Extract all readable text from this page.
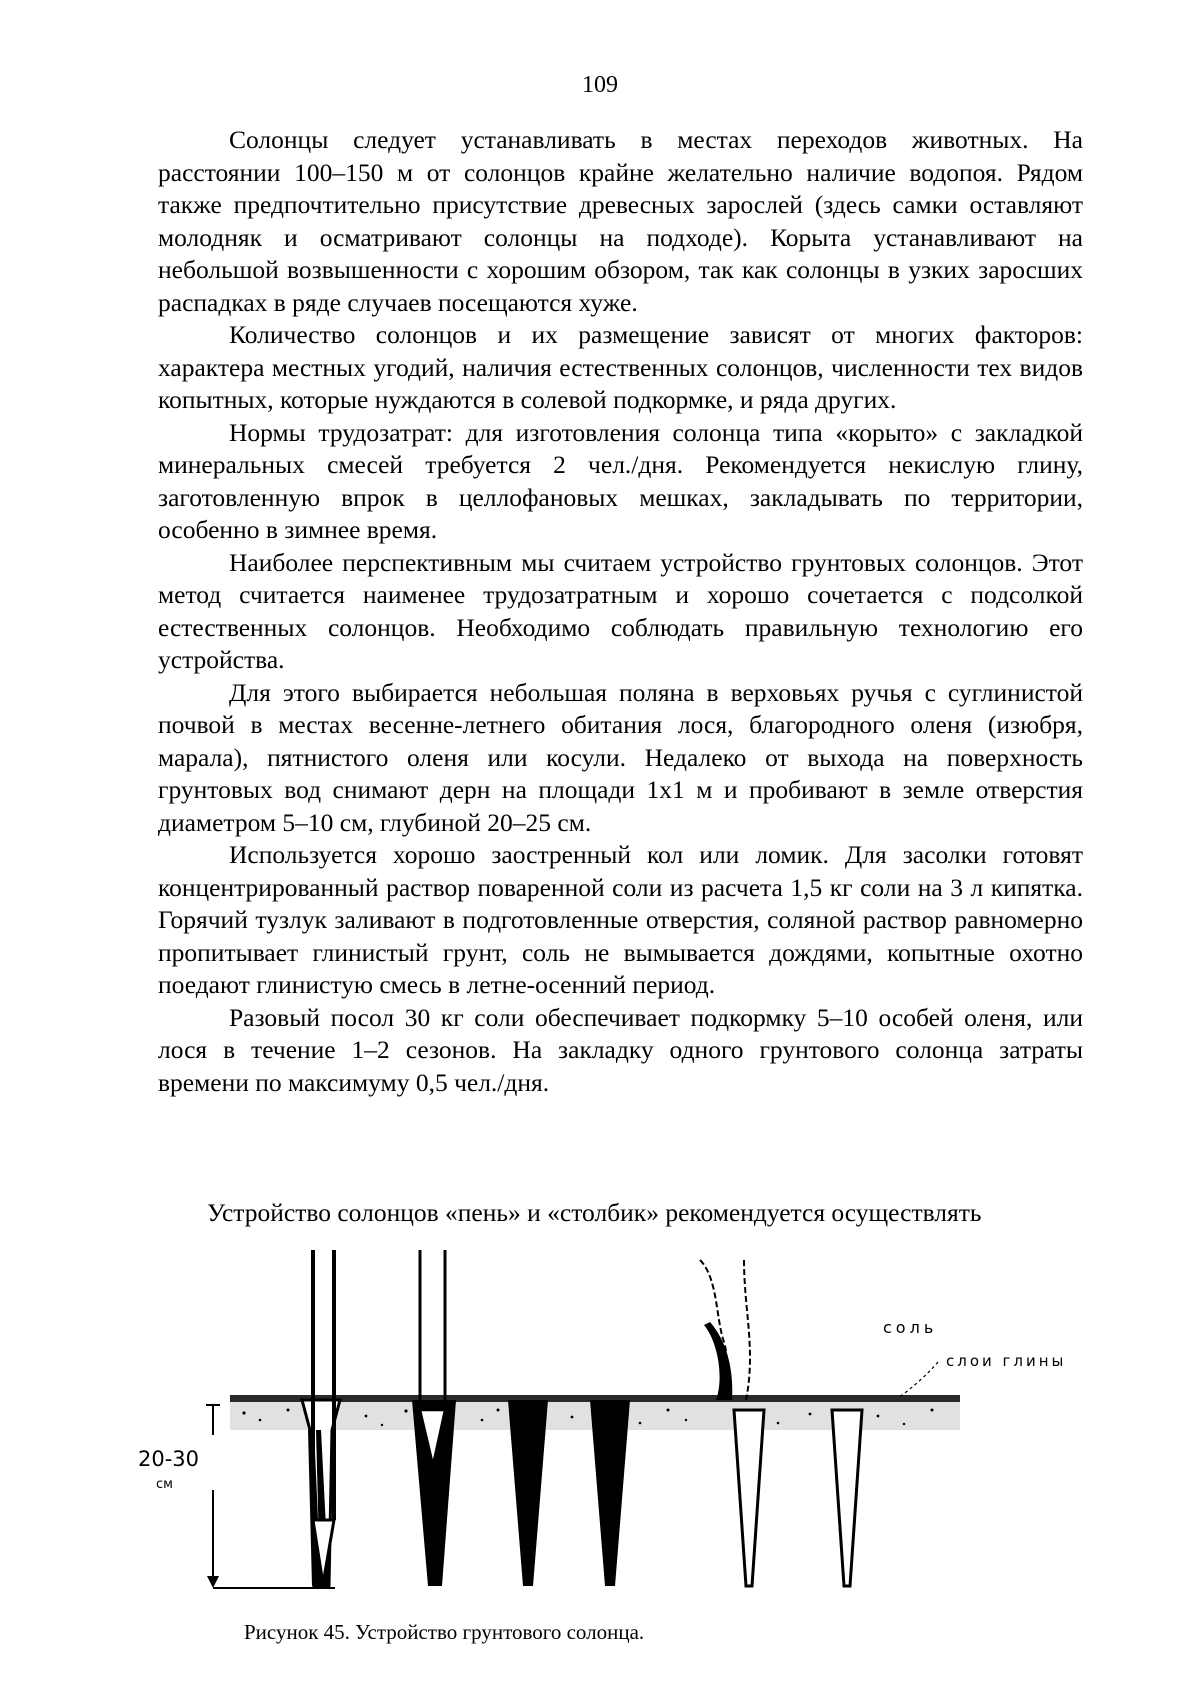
109

Солонцы следует устанавливать в местах переходов животных. На расстоянии 100–150 м от солонцов крайне желательно наличие водопоя. Рядом также предпочтительно присутствие древесных зарослей (здесь самки оставляют молодняк и осматривают солонцы на подходе). Корыта устанавливают на небольшой возвышенности с хорошим обзором, так как солонцы в узких заросших распадках в ряде случаев посещаются хуже.

Количество солонцов и их размещение зависят от многих факторов: характера местных угодий, наличия естественных солонцов, численности тех видов копытных, которые нуждаются в солевой подкормке, и ряда других.

Нормы трудозатрат: для изготовления солонца типа «корыто» с закладкой минеральных смесей требуется 2 чел./дня. Рекомендуется некислую глину, заготовленную впрок в целлофановых мешках, закладывать по территории, особенно в зимнее время.

Наиболее перспективным мы считаем устройство грунтовых солонцов. Этот метод считается наименее трудозатратным и хорошо сочетается с подсолкой естественных солонцов. Необходимо соблюдать правильную технологию его устройства.

Для этого выбирается небольшая поляна в верховьях ручья с суглинистой почвой в местах весенне-летнего обитания лося, благородного оленя (изюбря, марала), пятнистого оленя или косули. Недалеко от выхода на поверхность грунтовых вод снимают дерн на площади 1х1 м и пробивают в земле отверстия диаметром 5–10 см, глубиной 20–25 см.

Используется хорошо заостренный кол или ломик. Для засолки готовят концентрированный раствор поваренной соли из расчета 1,5 кг соли на 3 л кипятка. Горячий тузлук заливают в подготовленные отверстия, соляной раствор равномерно пропитывает глинистый грунт, соль не вымывается дождями, копытные охотно поедают глинистую смесь в летне-осенний период.

Разовый посол 30 кг соли обеспечивает подкормку 5–10 особей оленя, или лося в течение 1–2 сезонов. На закладку одного грунтового солонца затраты времени по максимуму 0,5 чел./дня.

Устройство солонцов «пень» и «столбик» рекомендуется осуществлять
20-30
см
соль
слои глины
Рисунок 45. Устройство грунтового солонца.
